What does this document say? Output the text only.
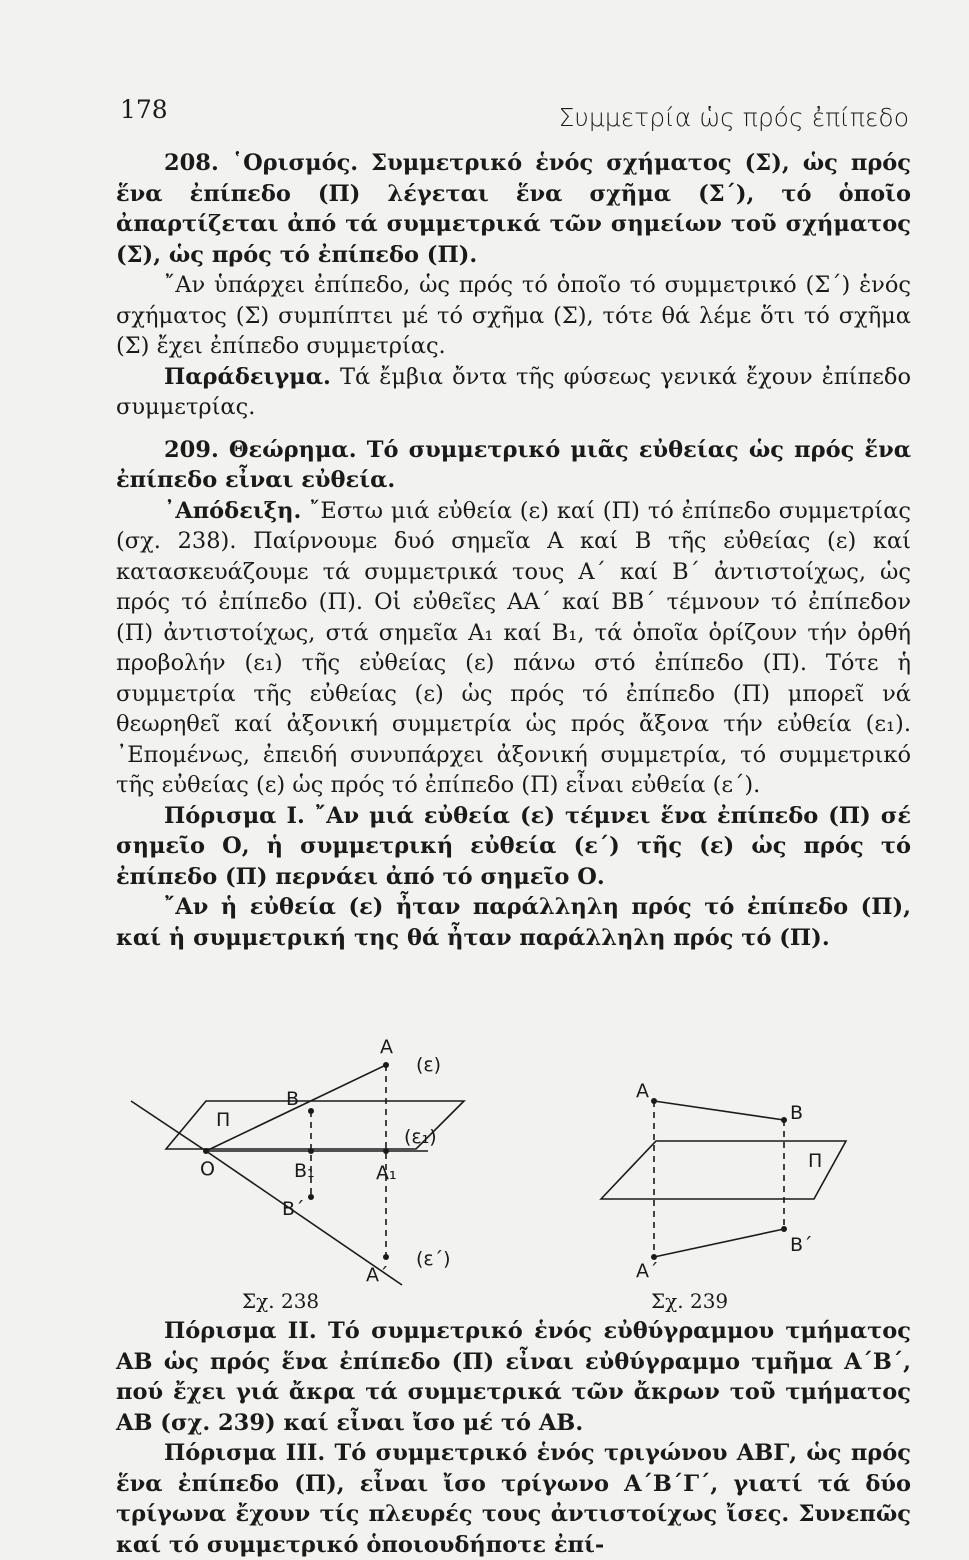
178	Συμμετρία ὡς πρός ἐπίπεδο

208. ῾Ορισμός. Συμμετρικό ἑνός σχήματος (Σ), ὡς πρός ἕνα ἐπίπεδο (Π) λέγεται ἕνα σχῆμα (Σ΄), τό ὁποῖο ἀπαρτίζεται ἀπό τά συμμετρικά τῶν σημείων τοῦ σχήματος (Σ), ὡς πρός τό ἐπίπεδο (Π).

῎Αν ὑπάρχει ἐπίπεδο, ὡς πρός τό ὁποῖο τό συμμετρικό (Σ΄) ἑνός σχήματος (Σ) συμπίπτει μέ τό σχῆμα (Σ), τότε θά λέμε ὅτι τό σχῆμα (Σ) ἔχει ἐπίπεδο συμμετρίας.

Παράδειγμα. Τά ἔμβια ὄντα τῆς φύσεως γενικά ἔχουν ἐπίπεδο συμμετρίας.

209. Θεώρημα. Τό συμμετρικό μιᾶς εὐθείας ὡς πρός ἕνα ἐπίπεδο εἶναι εὐθεία.

᾿Απόδειξη. ῎Εστω μιά εὐθεία (ε) καί (Π) τό ἐπίπεδο συμμετρίας (σχ. 238). Παίρνουμε δυό σημεῖα Α καί Β τῆς εὐθείας (ε) καί κατασκευάζουμε τά συμμετρικά τους Α΄ καί Β΄ ἀντιστοίχως, ὡς πρός τό ἐπίπεδο (Π). Οἱ εὐθεῖες ΑΑ΄ καί ΒΒ΄ τέμνουν τό ἐπίπεδον (Π) ἀντιστοίχως, στά σημεῖα Α₁ καί Β₁, τά ὁποῖα ὁρίζουν τήν ὀρθή προβολήν (ε₁) τῆς εὐθείας (ε) πάνω στό ἐπίπεδο (Π). Τότε ἡ συμμετρία τῆς εὐθείας (ε) ὡς πρός τό ἐπίπεδο (Π) μπορεῖ νά θεωρηθεῖ καί ἀξονική συμμετρία ὡς πρός ἄξονα τήν εὐθεία (ε₁). ᾿Επομένως, ἐπειδή συνυπάρχει ἀξονική συμμετρία, τό συμμετρικό τῆς εὐθείας (ε) ὡς πρός τό ἐπίπεδο (Π) εἶναι εὐθεία (ε΄).

Πόρισμα Ι. ῎Αν μιά εὐθεία (ε) τέμνει ἕνα ἐπίπεδο (Π) σέ σημεῖο Ο, ἡ συμμετρική εὐθεία (ε΄) τῆς (ε) ὡς πρός τό ἐπίπεδο (Π) περνάει ἀπό τό σημεῖο Ο.

῎Αν ἡ εὐθεία (ε) ἦταν παράλληλη πρός τό ἐπίπεδο (Π), καί ἡ συμμετρική της θά ἦταν παράλληλη πρός τό (Π).

Α
(ε)
Β
Π
(ε₁)
Ο	Β₁	Α₁
Β΄
Α΄
(ε΄)
Σχ. 238
Α
Β
Π
Β΄
Α΄
Σχ. 239

Πόρισμα ΙΙ. Τό συμμετρικό ἑνός εὐθύγραμμου τμήματος ΑΒ ὡς πρός ἕνα ἐπίπεδο (Π) εἶναι εὐθύγραμμο τμῆμα Α΄Β΄, πού ἔχει γιά ἄκρα τά συμμετρικά τῶν ἄκρων τοῦ τμήματος ΑΒ (σχ. 239) καί εἶναι ἴσο μέ τό ΑΒ.

Πόρισμα ΙΙΙ. Τό συμμετρικό ἑνός τριγώνου ΑΒΓ, ὡς πρός ἕνα ἐπίπεδο (Π), εἶναι ἴσο τρίγωνο Α΄Β΄Γ΄, γιατί τά δύο τρίγωνα ἔχουν τίς πλευρές τους ἀντιστοίχως ἴσες. Συνεπῶς καί τό συμμετρικό ὁποιουδήποτε ἐπί-
